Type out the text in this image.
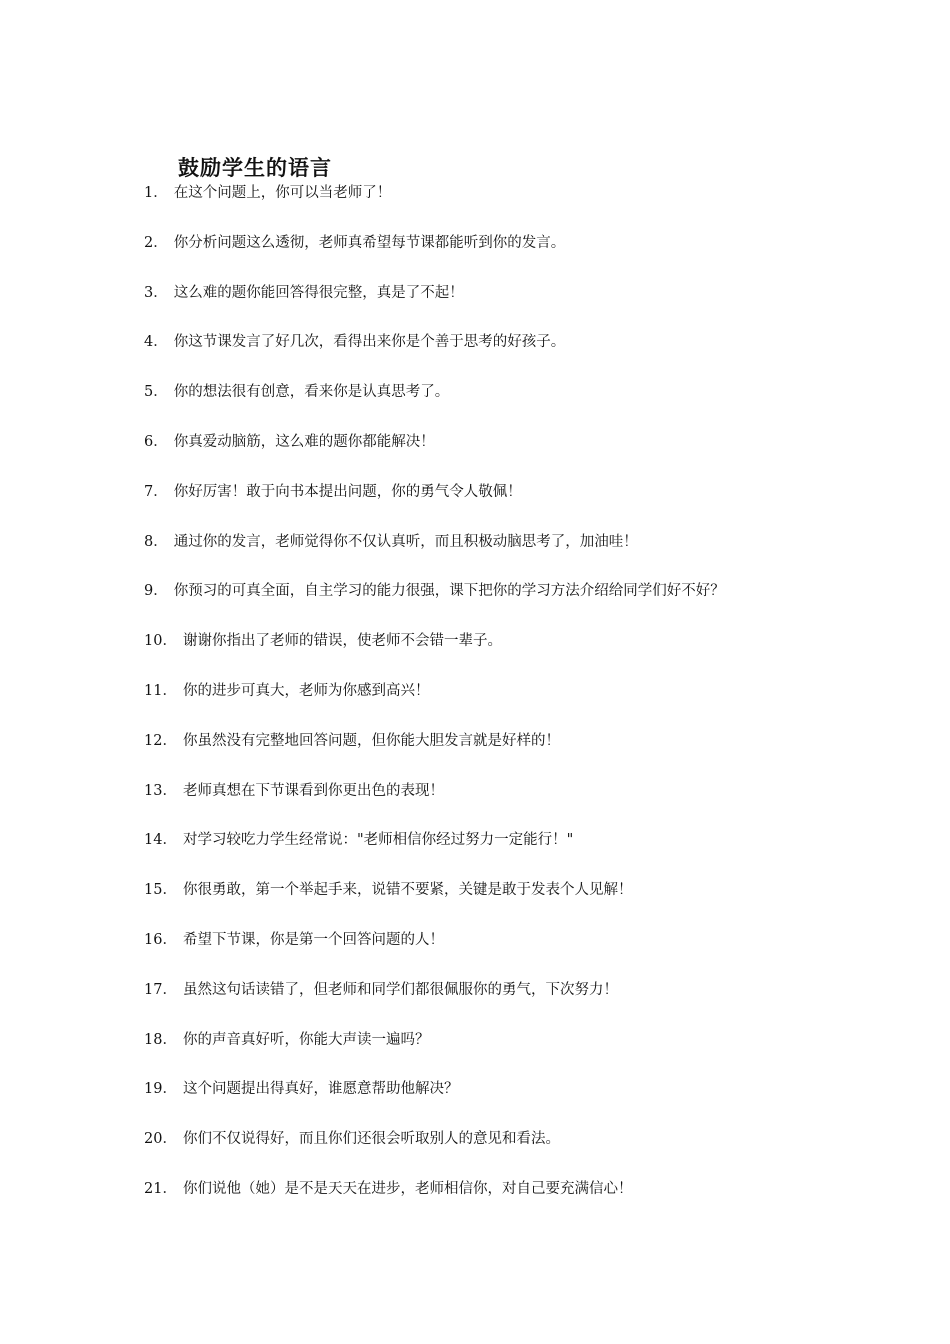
鼓励学生的语言
1． 在这个问题上，你可以当老师了！
2． 你分析问题这么透彻，老师真希望每节课都能听到你的发言。
3． 这么难的题你能回答得很完整，真是了不起！
4． 你这节课发言了好几次，看得出来你是个善于思考的好孩子。
5． 你的想法很有创意，看来你是认真思考了。
6． 你真爱动脑筋，这么难的题你都能解决！
7． 你好厉害！敢于向书本提出问题，你的勇气令人敬佩！
8． 通过你的发言，老师觉得你不仅认真听，而且积极动脑思考了，加油哇！
9． 你预习的可真全面，自主学习的能力很强，课下把你的学习方法介绍给同学们好不好？
10． 谢谢你指出了老师的错误，使老师不会错一辈子。
11． 你的进步可真大，老师为你感到高兴！
12． 你虽然没有完整地回答问题，但你能大胆发言就是好样的！
13． 老师真想在下节课看到你更出色的表现！
14． 对学习较吃力学生经常说："老师相信你经过努力一定能行！"
15． 你很勇敢，第一个举起手来，说错不要紧，关键是敢于发表个人见解！
16． 希望下节课，你是第一个回答问题的人！
17． 虽然这句话读错了，但老师和同学们都很佩服你的勇气，下次努力！
18． 你的声音真好听，你能大声读一遍吗？
19． 这个问题提出得真好，谁愿意帮助他解决？
20． 你们不仅说得好，而且你们还很会听取别人的意见和看法。
21． 你们说他（她）是不是天天在进步，老师相信你，对自己要充满信心！
